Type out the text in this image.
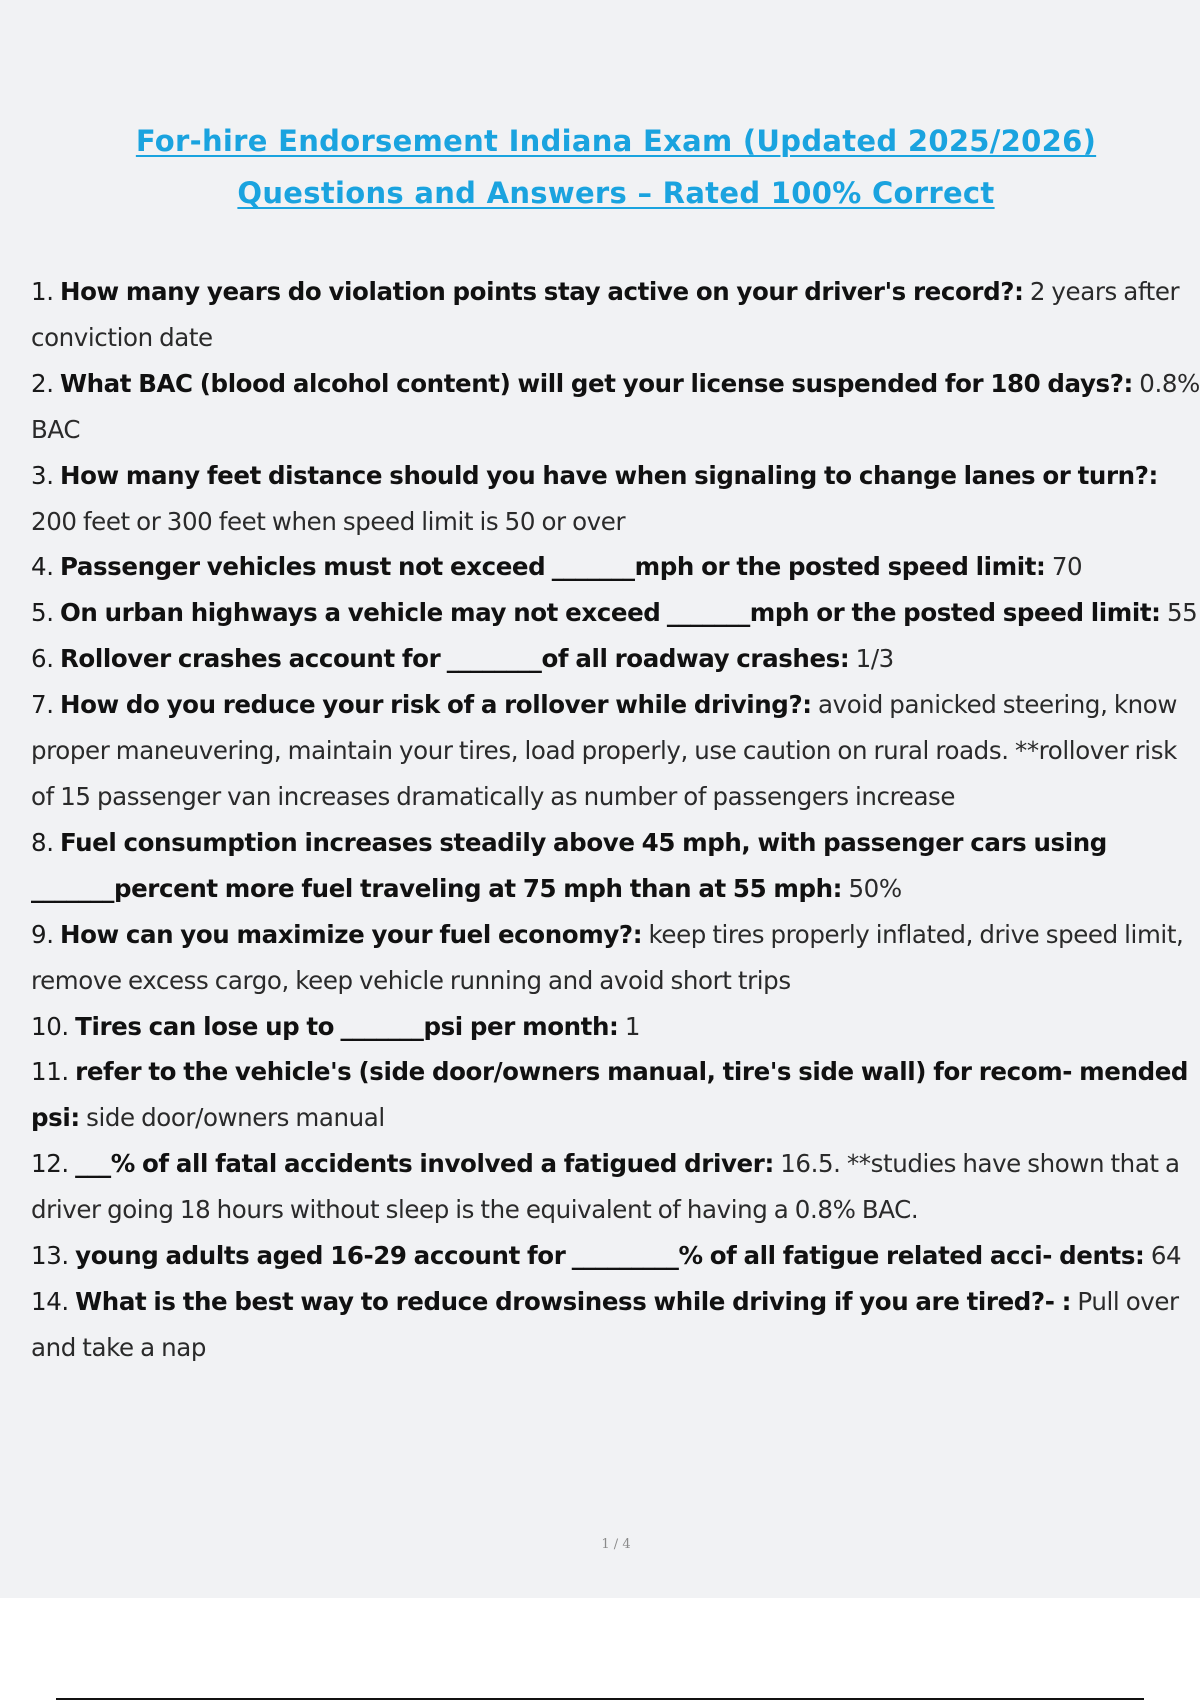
For-hire Endorsement Indiana Exam (Updated 2025/2026)
Questions and Answers – Rated 100% Correct
1. How many years do violation points stay active on your driver's record?: 2 years after conviction date
2. What BAC (blood alcohol content) will get your license suspended for 180 days?: 0.8% BAC
3. How many feet distance should you have when signaling to change lanes or turn?: 200 feet or 300 feet when speed limit is 50 or over
4. Passenger vehicles must not exceed _______mph or the posted speed limit: 70
5. On urban highways a vehicle may not exceed _______mph or the posted speed limit: 55
6. Rollover crashes account for ________of all roadway crashes: 1/3
7. How do you reduce your risk of a rollover while driving?: avoid panicked steering, know proper maneuvering, maintain your tires, load properly, use caution on rural roads. **rollover risk of 15 passenger van increases dramatically as number of passengers increase
8. Fuel consumption increases steadily above 45 mph, with passenger cars using _______percent more fuel traveling at 75 mph than at 55 mph: 50%
9. How can you maximize your fuel economy?: keep tires properly inflated, drive speed limit, remove excess cargo, keep vehicle running and avoid short trips
10. Tires can lose up to _______psi per month: 1
11. refer to the vehicle's (side door/owners manual, tire's side wall) for recom- mended psi: side door/owners manual
12. ___% of all fatal accidents involved a fatigued driver: 16.5. **studies have shown that a driver going 18 hours without sleep is the equivalent of having a 0.8% BAC.
13. young adults aged 16-29 account for _________% of all fatigue related acci- dents: 64
14. What is the best way to reduce drowsiness while driving if you are tired?- : Pull over and take a nap
1 / 4
